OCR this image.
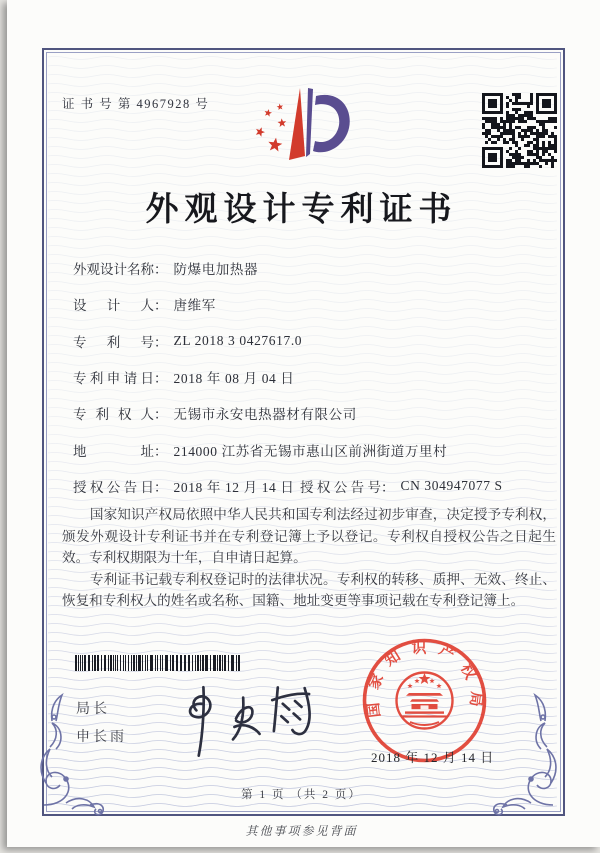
证 书 号 第 4967928 号
外观设计专利证书
外观设计名称 ： 防爆电加热器
设计人 ： 唐维军
专利号 ： ZL 2018 3 0427617.0
专利申请日 ： 2018 年 08 月 04 日
专利权人 ： 无锡市永安电热器材有限公司
地址 ： 214000 江苏省无锡市惠山区前洲街道万里村
授权公告日 ： 2018 年 12 月 14 日 授权公告号 ： CN 304947077 S

国家知识产权局依照中华人民共和国专利法经过初步审查，决定授予专利权，颁发外观设计专利证书并在专利登记簿上予以登记。专利权自授权公告之日起生效。专利权期限为十年，自申请日起算。

专利证书记载专利权登记时的法律状况。专利权的转移、质押、无效、终止、恢复和专利权人的姓名或名称、国籍、地址变更等事项记载在专利登记簿上。

局长
申长雨
国家知识产权局
2018 年 12 月 14 日
第 1 页 （共 2 页）
其他事项参见背面
